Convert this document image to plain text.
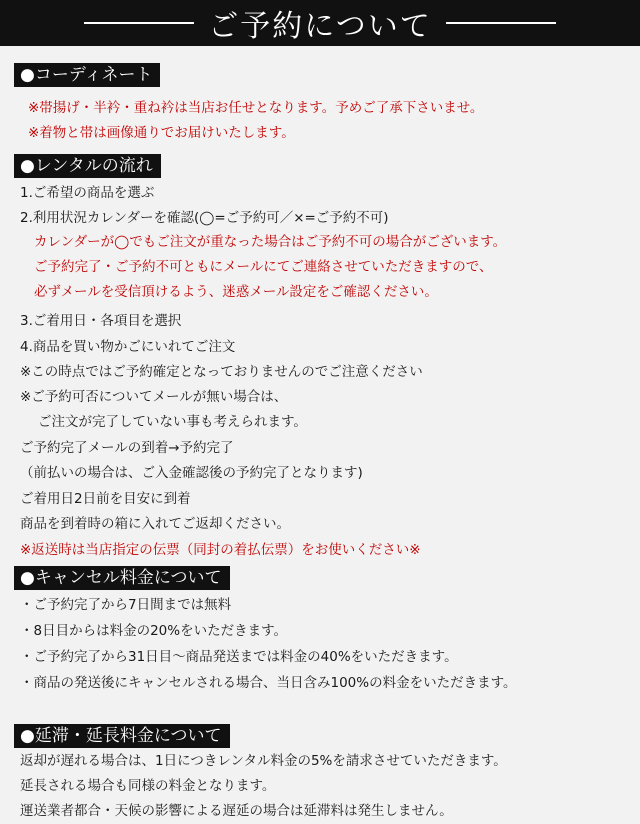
ご予約について
●コーディネート
※帯揚げ・半衿・重ね衿は当店お任せとなります。予めご了承下さいませ。
※着物と帯は画像通りでお届けいたします。
●レンタルの流れ
1.ご希望の商品を選ぶ
2.利用状況カレンダーを確認(◯=ご予約可／×=ご予約不可)
カレンダーが◯でもご注文が重なった場合はご予約不可の場合がございます。
ご予約完了・ご予約不可ともにメールにてご連絡させていただきますので、
必ずメールを受信頂けるよう、迷惑メール設定をご確認ください。
3.ご着用日・各項目を選択
4.商品を買い物かごにいれてご注文
※この時点ではご予約確定となっておりませんのでご注意ください
※ご予約可否についてメールが無い場合は、
ご注文が完了していない事も考えられます。
ご予約完了メールの到着→予約完了
（前払いの場合は、ご入金確認後の予約完了となります)
ご着用日2日前を目安に到着
商品を到着時の箱に入れてご返却ください。
※返送時は当店指定の伝票（同封の着払伝票）をお使いください※
●キャンセル料金について
・ご予約完了から7日間までは無料
・8日目からは料金の20%をいただきます。
・ご予約完了から31日目〜商品発送までは料金の40%をいただきます。
・商品の発送後にキャンセルされる場合、当日含み100%の料金をいただきます。
●延滞・延長料金について
返却が遅れる場合は、1日につきレンタル料金の5%を請求させていただきます。
延長される場合も同様の料金となります。
運送業者都合・天候の影響による遅延の場合は延滞料は発生しません。
